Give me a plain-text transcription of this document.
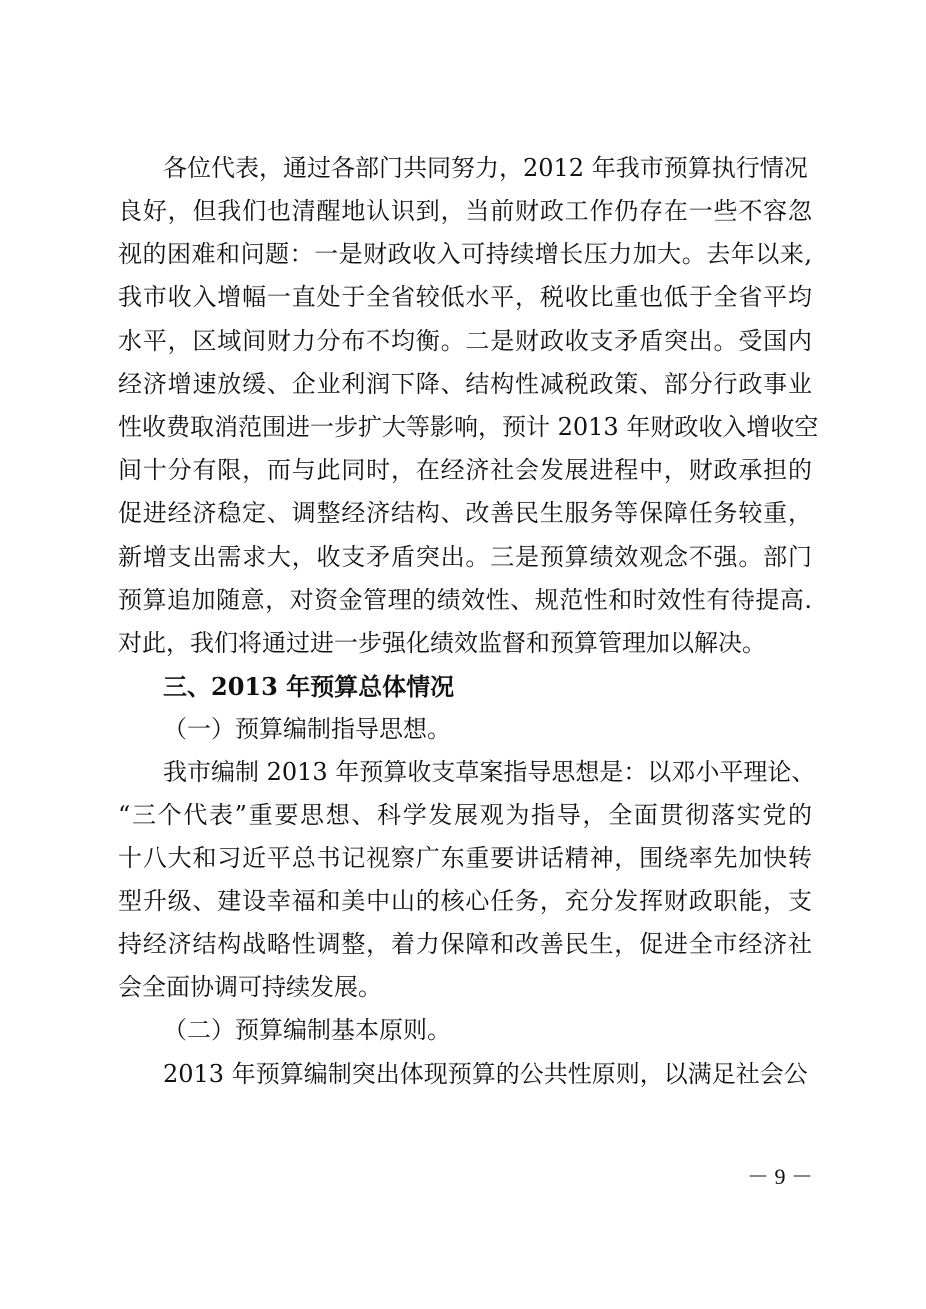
各位代表，通过各部门共同努力，2012 年我市预算执行情况
良好，但我们也清醒地认识到，当前财政工作仍存在一些不容忽
视的困难和问题：一是财政收入可持续增长压力加大。去年以来,
我市收入增幅一直处于全省较低水平，税收比重也低于全省平均
水平，区域间财力分布不均衡。二是财政收支矛盾突出。受国内
经济增速放缓、企业利润下降、结构性减税政策、部分行政事业
性收费取消范围进一步扩大等影响，预计 2013 年财政收入增收空
间十分有限，而与此同时，在经济社会发展进程中，财政承担的
促进经济稳定、调整经济结构、改善民生服务等保障任务较重，
新增支出需求大，收支矛盾突出。三是预算绩效观念不强。部门
预算追加随意，对资金管理的绩效性、规范性和时效性有待提高.
对此，我们将通过进一步强化绩效监督和预算管理加以解决。
三、2013 年预算总体情况
（一）预算编制指导思想。
我市编制 2013 年预算收支草案指导思想是：以邓小平理论、
“三个代表”重要思想、科学发展观为指导，全面贯彻落实党的
十八大和习近平总书记视察广东重要讲话精神，围绕率先加快转
型升级、建设幸福和美中山的核心任务，充分发挥财政职能，支
持经济结构战略性调整，着力保障和改善民生，促进全市经济社
会全面协调可持续发展。
（二）预算编制基本原则。
2013 年预算编制突出体现预算的公共性原则，以满足社会公
－ 9 －
